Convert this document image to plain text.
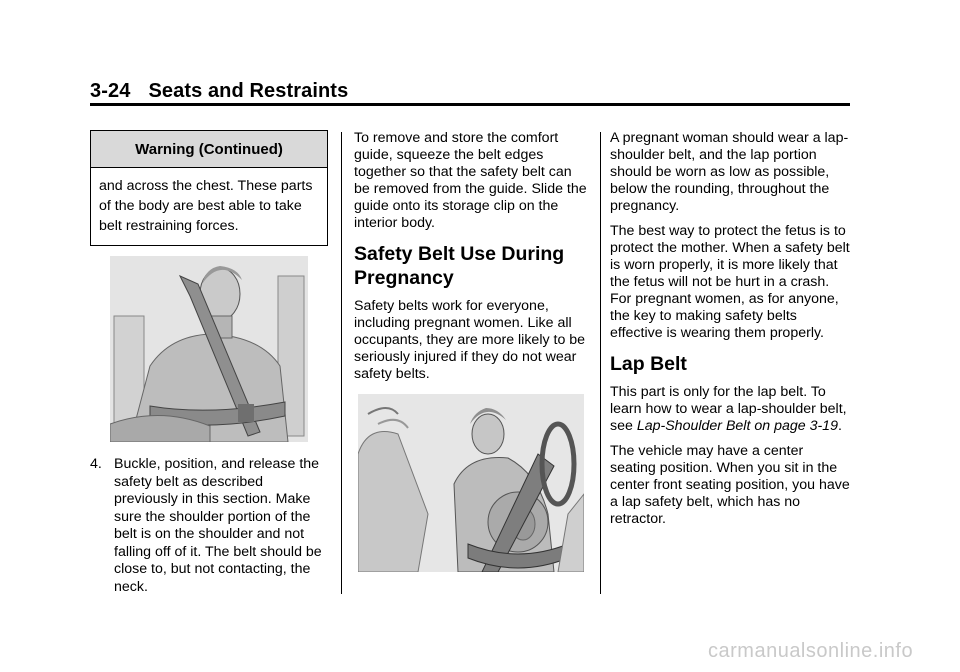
3-24 Seats and Restraints
Warning (Continued)
and across the chest. These parts of the body are best able to take belt restraining forces.
4. Buckle, position, and release the safety belt as described previously in this section. Make sure the shoulder portion of the belt is on the shoulder and not falling off of it. The belt should be close to, but not contacting, the neck.

To remove and store the comfort guide, squeeze the belt edges together so that the safety belt can be removed from the guide. Slide the guide onto its storage clip on the interior body.

Safety Belt Use During Pregnancy

Safety belts work for everyone, including pregnant women. Like all occupants, they are more likely to be seriously injured if they do not wear safety belts.

A pregnant woman should wear a lap-shoulder belt, and the lap portion should be worn as low as possible, below the rounding, throughout the pregnancy.

The best way to protect the fetus is to protect the mother. When a safety belt is worn properly, it is more likely that the fetus will not be hurt in a crash. For pregnant women, as for anyone, the key to making safety belts effective is wearing them properly.

Lap Belt

This part is only for the lap belt. To learn how to wear a lap-shoulder belt, see Lap-Shoulder Belt on page 3-19.

The vehicle may have a center seating position. When you sit in the center front seating position, you have a lap safety belt, which has no retractor.

carmanualsonline.info
